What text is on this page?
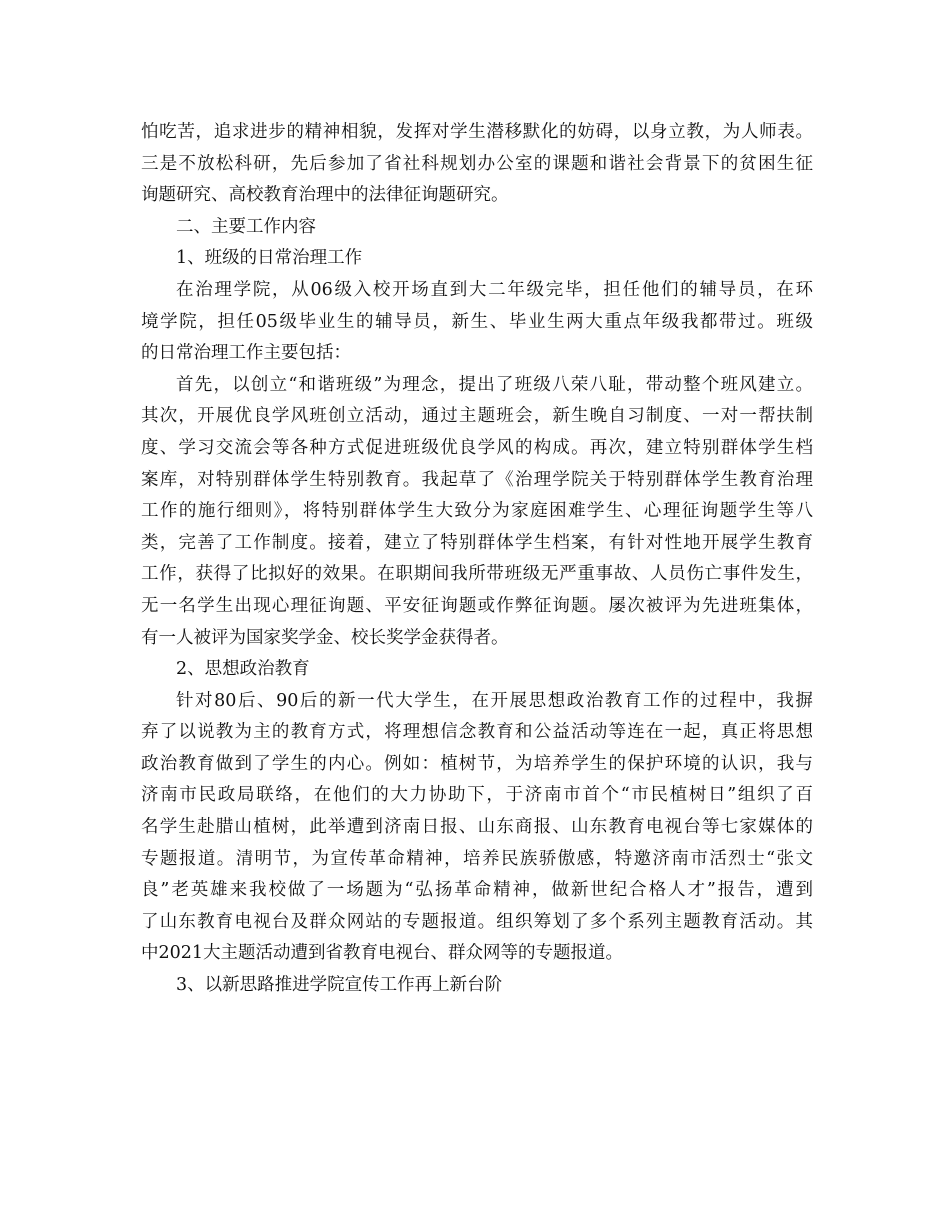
怕吃苦，追求进步的精神相貌，发挥对学生潜移默化的妨碍，以身立教，为人师表。
三是不放松科研，先后参加了省社科规划办公室的课题和谐社会背景下的贫困生征
询题研究、高校教育治理中的法律征询题研究。
二、主要工作内容
1、班级的日常治理工作
在治理学院，从06级入校开场直到大二年级完毕，担任他们的辅导员，在环
境学院，担任05级毕业生的辅导员，新生、毕业生两大重点年级我都带过。班级
的日常治理工作主要包括：
首先，以创立“和谐班级”为理念，提出了班级八荣八耻，带动整个班风建立。
其次，开展优良学风班创立活动，通过主题班会，新生晚自习制度、一对一帮扶制
度、学习交流会等各种方式促进班级优良学风的构成。再次，建立特别群体学生档
案库，对特别群体学生特别教育。我起草了《治理学院关于特别群体学生教育治理
工作的施行细则》，将特别群体学生大致分为家庭困难学生、心理征询题学生等八
类，完善了工作制度。接着，建立了特别群体学生档案，有针对性地开展学生教育
工作，获得了比拟好的效果。在职期间我所带班级无严重事故、人员伤亡事件发生，
无一名学生出现心理征询题、平安征询题或作弊征询题。屡次被评为先进班集体，
有一人被评为国家奖学金、校长奖学金获得者。
2、思想政治教育
针对80后、90后的新一代大学生，在开展思想政治教育工作的过程中，我摒
弃了以说教为主的教育方式，将理想信念教育和公益活动等连在一起，真正将思想
政治教育做到了学生的内心。例如：植树节，为培养学生的保护环境的认识，我与
济南市民政局联络，在他们的大力协助下，于济南市首个“市民植树日”组织了百
名学生赴腊山植树，此举遭到济南日报、山东商报、山东教育电视台等七家媒体的
专题报道。清明节，为宣传革命精神，培养民族骄傲感，特邀济南市活烈士“张文
良”老英雄来我校做了一场题为“弘扬革命精神，做新世纪合格人才”报告，遭到
了山东教育电视台及群众网站的专题报道。组织筹划了多个系列主题教育活动。其
中2021大主题活动遭到省教育电视台、群众网等的专题报道。
3、以新思路推进学院宣传工作再上新台阶
